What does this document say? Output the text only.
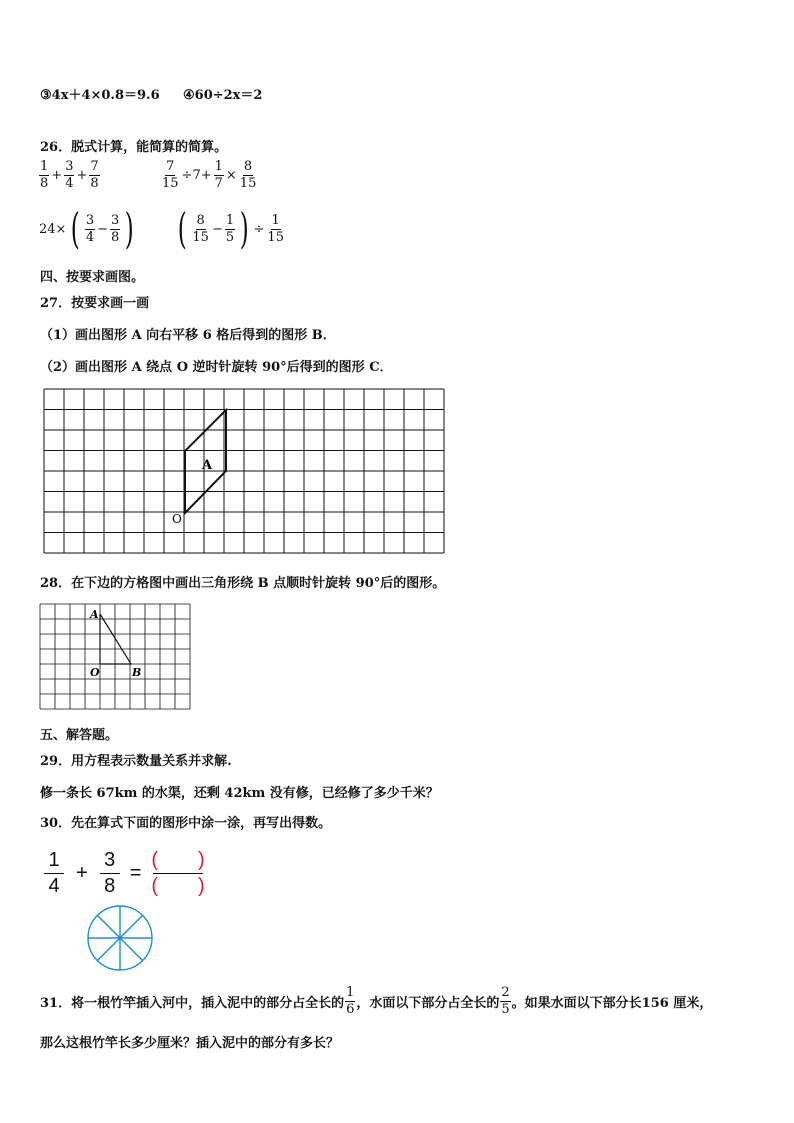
③4x＋4×0.8＝9.6 ④60÷2x＝2
26．脱式计算，能简算的简算。
$\frac{1}{8} + \frac{3}{4} + \frac{7}{8}$	$\frac{7}{15} \div 7+ \frac{1}{7} \times \frac{8}{15}$
24× ( $\frac{3}{4} - \frac{3}{8}$ ) ( $\frac{8}{15} - \frac{1}{5}$ ) ÷ $\frac{1}{15}$
四、按要求画图。
27．按要求画一画
（1）画出图形 A 向右平移 6 格后得到的图形 B．
（2）画出图形 A 绕点 O 逆时针旋转 90°后得到的图形 C．
A
O
28．在下边的方格图中画出三角形绕 B 点顺时针旋转 90°后的图形。
A
O	B
五、解答题。
29．用方程表示数量关系并求解.
修一条长 67km 的水渠，还剩 42km 没有修，已经修了多少千米？
30．先在算式下面的图形中涂一涂，再写出得数。
1
4
+
3
8
=
(　　)
(　　)
31．将一根竹竿插入河中，插入泥中的部分占全长的 $\frac{1}{6}$ ，水面以下部分占全长的 $\frac{2}{5}$ 。如果水面以下部分长156 厘米，
那么这根竹竿长多少厘米？插入泥中的部分有多长？
